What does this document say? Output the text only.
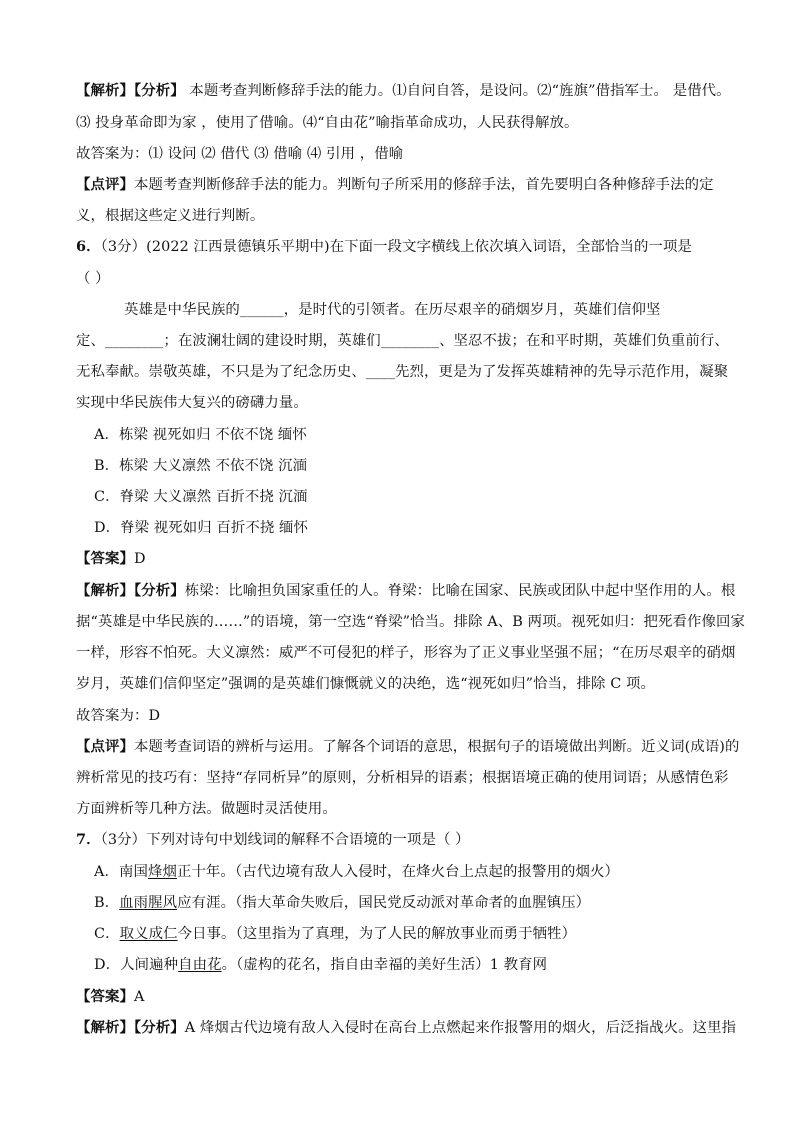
【解析】【分析】 本题考查判断修辞手法的能力。⑴自问自答，是设问。⑵“旌旗”借指军士。 是借代。
⑶ 投身革命即为家 ，使用了借喻。⑷“自由花”喻指革命成功，人民获得解放。
故答案为：⑴ 设问 ⑵ 借代 ⑶ 借喻 ⑷ 引用 ，借喻
【点评】本题考查判断修辞手法的能力。判断句子所采用的修辞手法，首先要明白各种修辞手法的定
义，根据这些定义进行判断。
6．（3分）(2022 江西景德镇乐平期中)在下面一段文字横线上依次填入词语，全部恰当的一项是
（ ）
英雄是中华民族的______，是时代的引领者。在历尽艰辛的硝烟岁月，英雄们信仰坚
定、________；在波澜壮阔的建设时期，英雄们________、坚忍不拔；在和平时期，英雄们负重前行、
无私奉献。崇敬英雄，不只是为了纪念历史、____先烈，更是为了发挥英雄精神的先导示范作用，凝聚
实现中华民族伟大复兴的磅礴力量。
A．栋梁 视死如归 不依不饶 缅怀
B．栋梁 大义凛然 不依不饶 沉湎
C．脊梁 大义凛然 百折不挠 沉湎
D．脊梁 视死如归 百折不挠 缅怀
【答案】D
【解析】【分析】栋梁：比喻担负国家重任的人。脊梁：比喻在国家、民族或团队中起中坚作用的人。根
据“英雄是中华民族的……”的语境，第一空选“脊梁”恰当。排除 A、B 两项。视死如归：把死看作像回家
一样，形容不怕死。大义凛然：威严不可侵犯的样子，形容为了正义事业坚强不屈；“在历尽艰辛的硝烟
岁月，英雄们信仰坚定”强调的是英雄们慷慨就义的决绝，选“视死如归”恰当，排除 C 项。
故答案为：D
【点评】本题考查词语的辨析与运用。了解各个词语的意思，根据句子的语境做出判断。近义词(成语)的
辨析常见的技巧有：坚持“存同析异”的原则，分析相异的语素；根据语境正确的使用词语；从感情色彩
方面辨析等几种方法。做题时灵活使用。
7．（3分）下列对诗句中划线词的解释不合语境的一项是（ ）
A．南国烽烟正十年。（古代边境有敌人入侵时，在烽火台上点起的报警用的烟火）
B．血雨腥风应有涯。（指大革命失败后，国民党反动派对革命者的血腥镇压）
C．取义成仁今日事。（这里指为了真理，为了人民的解放事业而勇于牺牲）
D．人间遍种自由花。（虚构的花名，指自由幸福的美好生活）1 教育网
【答案】A
【解析】【分析】A 烽烟古代边境有敌人入侵时在高台上点燃起来作报警用的烟火，后泛指战火。这里指
